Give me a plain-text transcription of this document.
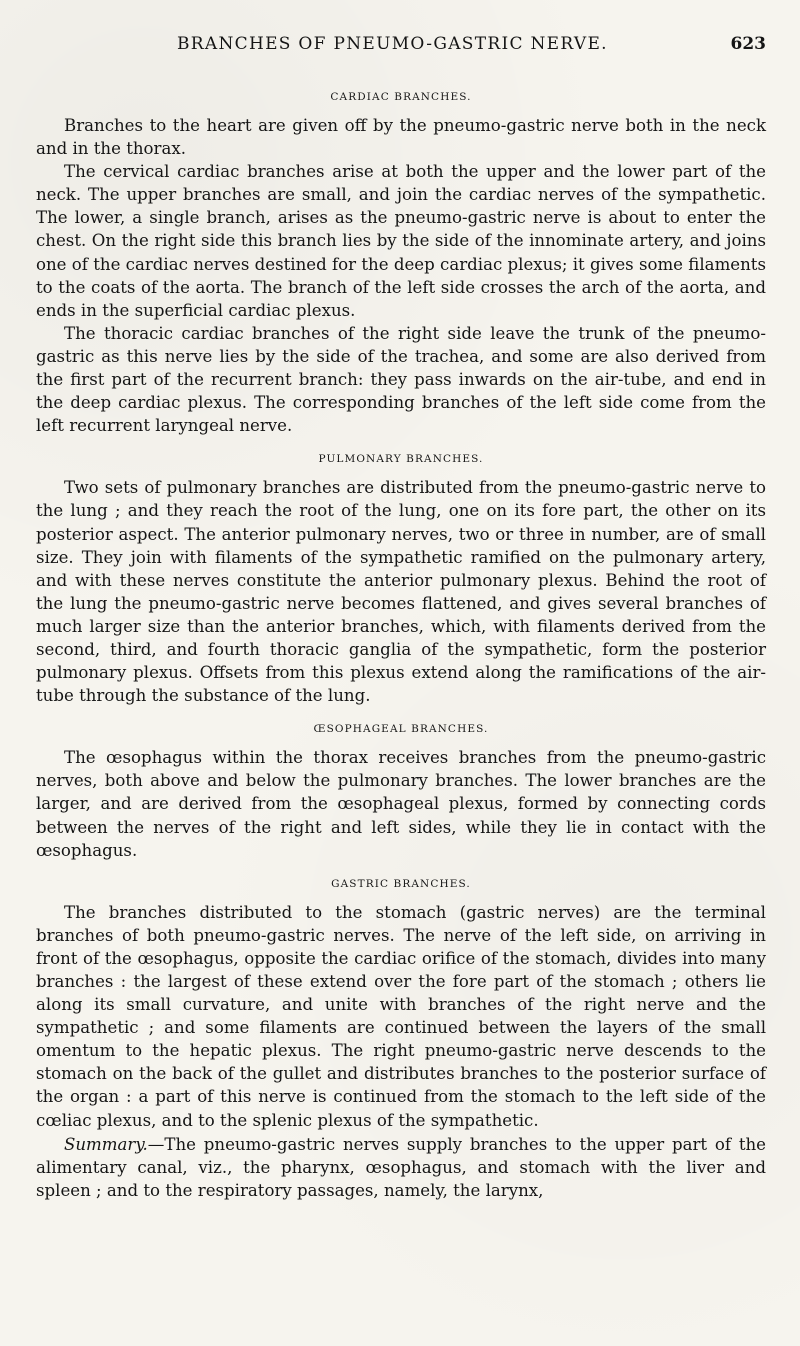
BRANCHES OF PNEUMO-GASTRIC NERVE.	623
CARDIAC BRANCHES.

Branches to the heart are given off by the pneumo-gastric nerve both in the neck and in the thorax.

The cervical cardiac branches arise at both the upper and the lower part of the neck. The upper branches are small, and join the cardiac nerves of the sympathetic. The lower, a single branch, arises as the pneumo-gastric nerve is about to enter the chest. On the right side this branch lies by the side of the innominate artery, and joins one of the cardiac nerves destined for the deep cardiac plexus; it gives some filaments to the coats of the aorta. The branch of the left side crosses the arch of the aorta, and ends in the superficial cardiac plexus.

The thoracic cardiac branches of the right side leave the trunk of the pneumo-gastric as this nerve lies by the side of the trachea, and some are also derived from the first part of the recurrent branch: they pass inwards on the air-tube, and end in the deep cardiac plexus. The corresponding branches of the left side come from the left recurrent laryngeal nerve.

PULMONARY BRANCHES.

Two sets of pulmonary branches are distributed from the pneumo-gastric nerve to the lung ; and they reach the root of the lung, one on its fore part, the other on its posterior aspect. The anterior pulmonary nerves, two or three in number, are of small size. They join with filaments of the sympathetic ramified on the pulmonary artery, and with these nerves constitute the anterior pulmonary plexus. Behind the root of the lung the pneumo-gastric nerve becomes flattened, and gives several branches of much larger size than the anterior branches, which, with filaments derived from the second, third, and fourth thoracic ganglia of the sympathetic, form the posterior pulmonary plexus. Offsets from this plexus extend along the ramifications of the air-tube through the substance of the lung.

ŒSOPHAGEAL BRANCHES.

The œsophagus within the thorax receives branches from the pneumo-gastric nerves, both above and below the pulmonary branches. The lower branches are the larger, and are derived from the œsophageal plexus, formed by connecting cords between the nerves of the right and left sides, while they lie in contact with the œsophagus.

GASTRIC BRANCHES.

The branches distributed to the stomach (gastric nerves) are the terminal branches of both pneumo-gastric nerves. The nerve of the left side, on arriving in front of the œsophagus, opposite the cardiac orifice of the stomach, divides into many branches : the largest of these extend over the fore part of the stomach ; others lie along its small curvature, and unite with branches of the right nerve and the sympathetic ; and some filaments are continued between the layers of the small omentum to the hepatic plexus. The right pneumo-gastric nerve descends to the stomach on the back of the gullet and distributes branches to the posterior surface of the organ : a part of this nerve is continued from the stomach to the left side of the cœliac plexus, and to the splenic plexus of the sympathetic.

Summary.—The pneumo-gastric nerves supply branches to the upper part of the alimentary canal, viz., the pharynx, œsophagus, and stomach with the liver and spleen ; and to the respiratory passages, namely, the larynx,
